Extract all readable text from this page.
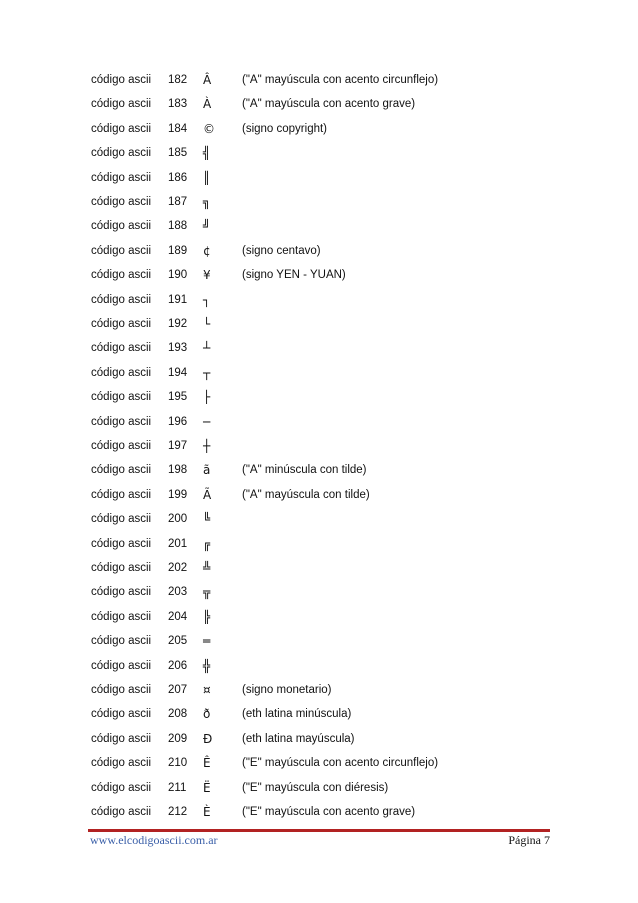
código ascii 182 Â	("A" mayúscula con acento circunflejo)
código ascii 183 À	("A" mayúscula con acento grave)
código ascii 184 © (signo copyright)
código ascii 185 ╣
código ascii 186 ║
código ascii 187 ╗
código ascii 188 ╝
código ascii 189 ¢	(signo centavo)
código ascii 190 ¥	(signo YEN - YUAN)
código ascii 191 ┐
código ascii 192 └
código ascii 193 ┴
código ascii 194 ┬
código ascii 195 ├
código ascii 196 ─
código ascii 197 ┼
código ascii 198 ã	("A" minúscula con tilde)
código ascii 199 Ã	("A" mayúscula con tilde)
código ascii 200 ╚
código ascii 201 ╔
código ascii 202 ╩
código ascii 203 ╦
código ascii 204 ╠
código ascii 205 ═
código ascii 206 ╬
código ascii 207 ¤	(signo monetario)
código ascii 208 ð	(eth latina minúscula)
código ascii 209 Ð	(eth latina mayúscula)
código ascii 210 Ê	("E" mayúscula con acento circunflejo)
código ascii 211 Ë	("E" mayúscula con diéresis)
código ascii 212 È	("E" mayúscula con acento grave)
www.elcodigoascii.com.ar	Página 7
